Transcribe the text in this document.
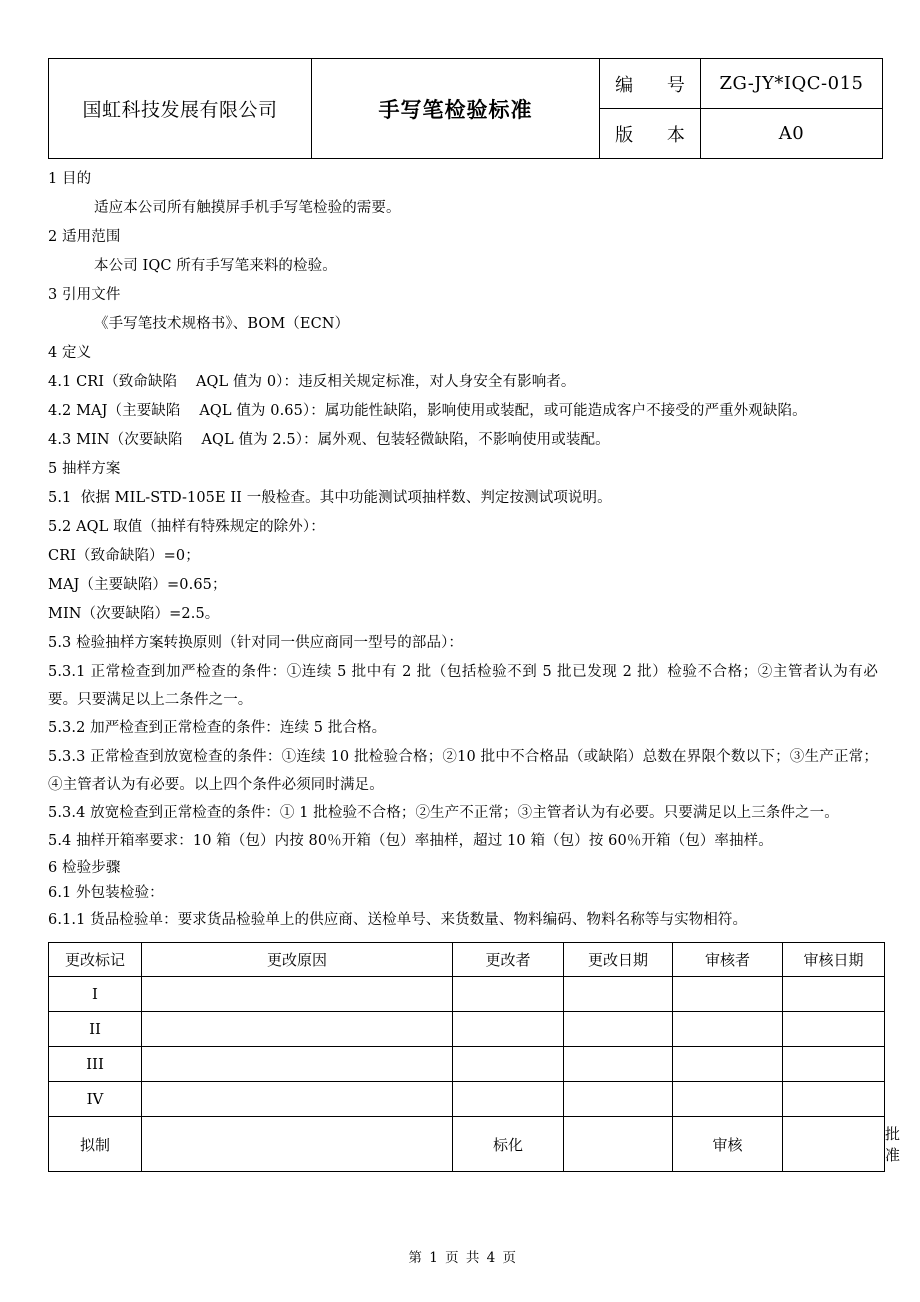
国虹科技发展有限公司	手写笔检验标准	编 号	ZG-JY*IQC-015
		版 本	A0
1 目的
适应本公司所有触摸屏手机手写笔检验的需要。
2 适用范围
本公司 IQC 所有手写笔来料的检验。
3 引用文件
《手写笔技术规格书》、BOM（ECN）
4 定义
4.1 CRI（致命缺陷    AQL 值为 0）：违反相关规定标准，对人身安全有影响者。
4.2 MAJ（主要缺陷    AQL 值为 0.65）：属功能性缺陷，影响使用或装配，或可能造成客户不接受的严重外观缺陷。
4.3 MIN（次要缺陷    AQL 值为 2.5）：属外观、包装轻微缺陷，不影响使用或装配。
5 抽样方案
5.1  依据 MIL-STD-105E II 一般检查。其中功能测试项抽样数、判定按测试项说明。
5.2 AQL 取值（抽样有特殊规定的除外）：
CRI（致命缺陷）=0；
MAJ（主要缺陷）=0.65；
MIN（次要缺陷）=2.5。
5.3 检验抽样方案转换原则（针对同一供应商同一型号的部品）：
5.3.1 正常检查到加严检查的条件：①连续 5 批中有 2 批（包括检验不到 5 批已发现 2 批）检验不合格；②主管者认为有必要。只要满足以上二条件之一。
5.3.2 加严检查到正常检查的条件：连续 5 批合格。
5.3.3 正常检查到放宽检查的条件：①连续 10 批检验合格；②10 批中不合格品（或缺陷）总数在界限个数以下；③生产正常；④主管者认为有必要。以上四个条件必须同时满足。
5.3.4 放宽检查到正常检查的条件：① 1 批检验不合格；②生产不正常；③主管者认为有必要。只要满足以上三条件之一。
5.4 抽样开箱率要求：10 箱（包）内按 80％开箱（包）率抽样，超过 10 箱（包）按 60％开箱（包）率抽样。
6 检验步骤
6.1 外包装检验：
6.1.1 货品检验单：要求货品检验单上的供应商、送检单号、来货数量、物料编码、物料名称等与实物相符。
更改标记	更改原因	更改者	更改日期	审核者	审核日期	
I						
II						
III						
IV						
拟制		标化		审核		批准	
第 1 页 共 4 页
